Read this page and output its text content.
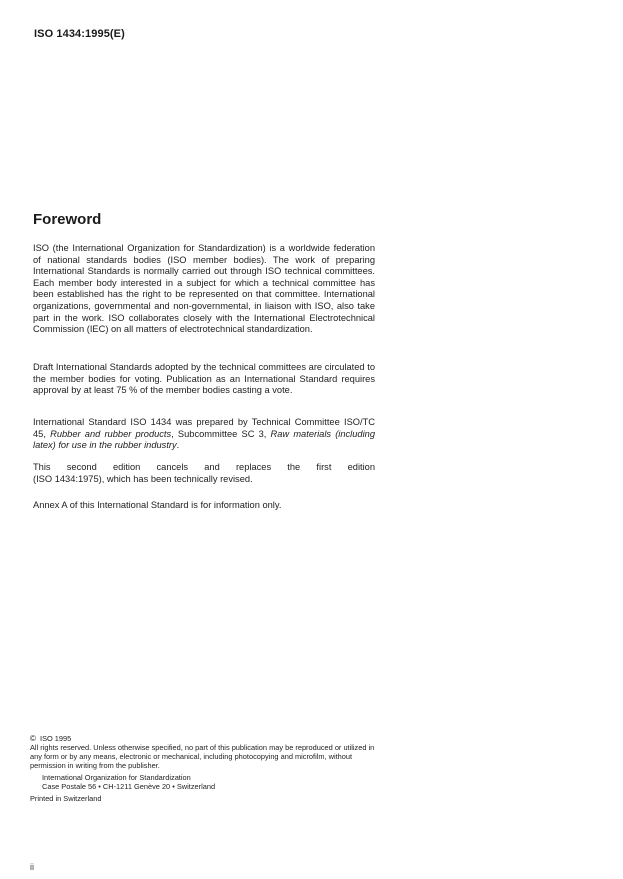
ISO 1434:1995(E)
Foreword

ISO (the International Organization for Standardization) is a worldwide federation of national standards bodies (ISO member bodies). The work of preparing International Standards is normally carried out through ISO technical committees. Each member body interested in a subject for which a technical committee has been established has the right to be represented on that committee. International organizations, governmental and non-governmental, in liaison with ISO, also take part in the work. ISO collaborates closely with the International Electrotechnical Commission (IEC) on all matters of electrotechnical standardization.

Draft International Standards adopted by the technical committees are circulated to the member bodies for voting. Publication as an International Standard requires approval by at least 75 % of the member bodies casting a vote.

International Standard ISO 1434 was prepared by Technical Committee ISO/TC 45, Rubber and rubber products, Subcommittee SC 3, Raw materials (including latex) for use in the rubber industry.

This second edition cancels and replaces the first edition
(ISO 1434:1975), which has been technically revised.

Annex A of this International Standard is for information only.

© ISO 1995

All rights reserved. Unless otherwise specified, no part of this publication may be reproduced or utilized in any form or by any means, electronic or mechanical, including photocopying and microfilm, without permission in writing from the publisher.

International Organization for Standardization

Case Postale 56 • CH-1211 Genève 20 • Switzerland

Printed in Switzerland

ii
